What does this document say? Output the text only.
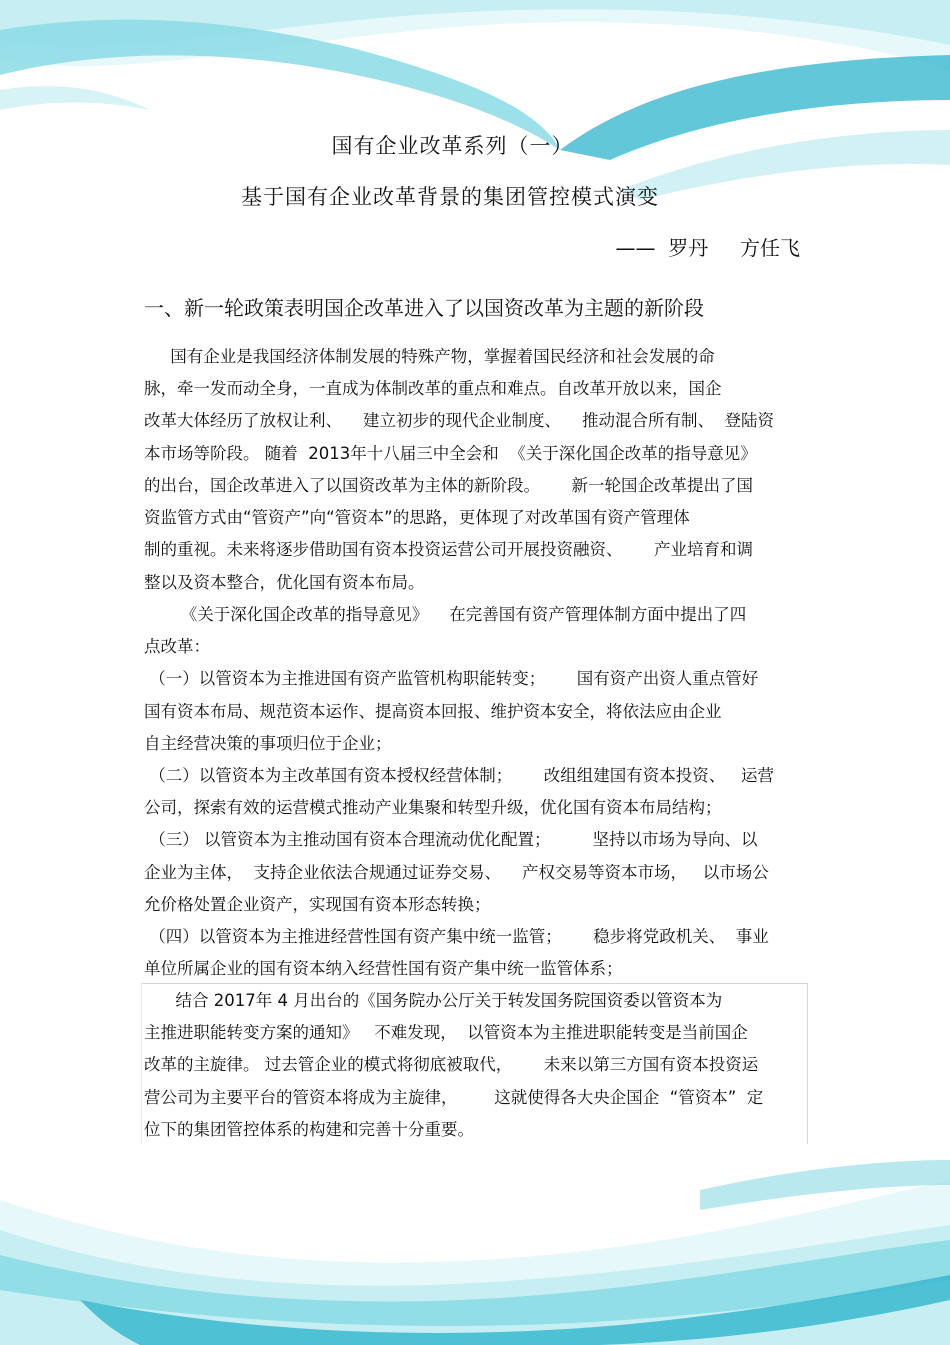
国有企业改革系列（一）
基于国有企业改革背景的集团管控模式演变
——  罗丹     方任飞
一、新一轮政策表明国企改革进入了以国资改革为主题的新阶段
国有企业是我国经济体制发展的特殊产物，掌握着国民经济和社会发展的命
脉，牵一发而动全身，一直成为体制改革的重点和难点。自改革开放以来，国企
改革大体经历了放权让利、    建立初步的现代企业制度、    推动混合所有制、  登陆资
本市场等阶段。 随着  2013年十八届三中全会和  《关于深化国企改革的指导意见》
的出台，国企改革进入了以国资改革为主体的新阶段。      新一轮国企改革提出了国
资监管方式由“管资产”向“管资本”的思路，更体现了对改革国有资产管理体
制的重视。未来将逐步借助国有资本投资运营公司开展投资融资、      产业培育和调
整以及资本整合，优化国有资本布局。
《关于深化国企改革的指导意见》    在完善国有资产管理体制方面中提出了四
点改革：
（一）以管资本为主推进国有资产监管机构职能转变；      国有资产出资人重点管好
国有资本布局、规范资本运作、提高资本回报、维护资本安全，将依法应由企业
自主经营决策的事项归位于企业；
（二）以管资本为主改革国有资本授权经营体制；      改组组建国有资本投资、   运营
公司，探索有效的运营模式推动产业集聚和转型升级，优化国有资本布局结构；
（三） 以管资本为主推动国有资本合理流动优化配置；        坚持以市场为导向、以
企业为主体，  支持企业依法合规通过证券交易、    产权交易等资本市场，   以市场公
允价格处置企业资产，实现国有资本形态转换；
（四）以管资本为主推进经营性国有资产集中统一监管；      稳步将党政机关、  事业
单位所属企业的国有资本纳入经营性国有资产集中统一监管体系；
结合 2017年 4 月出台的《国务院办公厅关于转发国务院国资委以管资本为
主推进职能转变方案的通知》   不难发现，  以管资本为主推进职能转变是当前国企
改革的主旋律。 过去管企业的模式将彻底被取代，      未来以第三方国有资本投资运
营公司为主要平台的管资本将成为主旋律，       这就使得各大央企国企  “管资本”  定
位下的集团管控体系的构建和完善十分重要。
